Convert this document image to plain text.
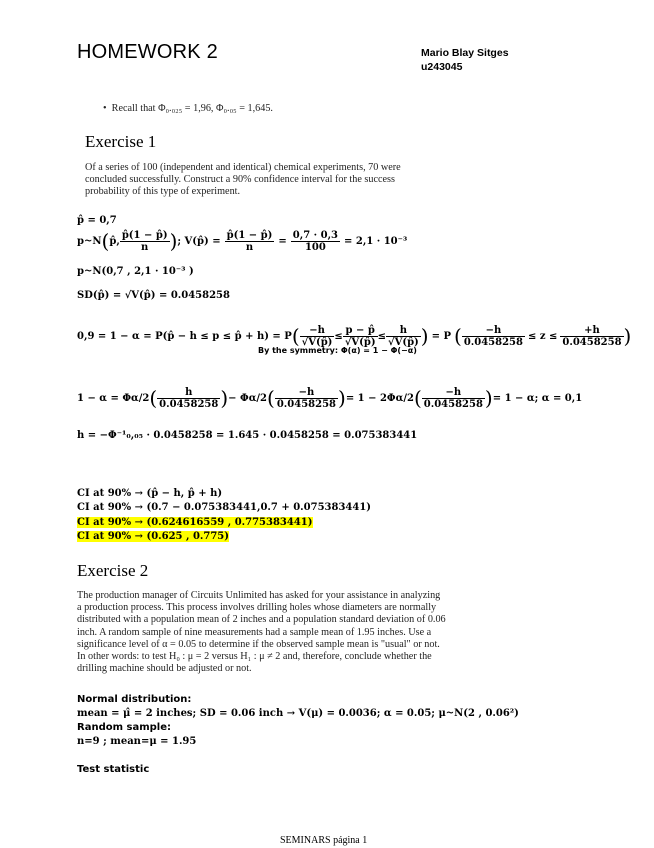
HOMEWORK 2	Mario Blay Sitges
u243045
•  Recall that Φ₀.₀₂₅ = 1,96, Φ₀.₀₅ = 1,645.
Exercise 1
Of a series of 100 (independent and identical) chemical experiments, 70 were concluded successfully. Construct a 90% confidence interval for the success probability of this type of experiment.
p̂ = 0,7
p~N ( p̂, $\frac{p̂(1 - p̂)}{n}$ ) ; V(p̂) = $\frac{p̂(1 - p̂)}{n} = \frac{0,7 \cdot 0,3}{100} = 2,1 \cdot 10^{-3}$
p~N(0,7 , 2,1 · 10⁻³ )
SD(p̂) = √V(p̂) = 0.0458258
0,9 = 1 − α = P(p̂ − h ≤ p ≤ p̂ + h) = P ( $\frac{-h}{√V(p̂)} \le \frac{p - p̂}{√V(p̂)} \le \frac{h}{√V(p̂)}$ ) = P ( $\frac{-h}{0.0458258} \le z \le \frac{+h}{0.0458258}$ )
By the symmetry: Φ(α) = 1 − Φ(−α)
1 − α = Φα/2 ( $\frac{h}{0.0458258}$ ) − Φα/2 ( $\frac{-h}{0.0458258}$ ) = 1 − 2Φα/2 ( $\frac{-h}{0.0458258}$ ) = 1 − α; α = 0,1
h = −Φ⁻¹₀,₀₅ · 0.0458258 = 1.645 · 0.0458258 = 0.075383441
CI at 90% → (p̂ − h, p̂ + h)
CI at 90% → (0.7 − 0.075383441,0.7 + 0.075383441)
CI at 90% → (0.624616559 , 0.775383441)
CI at 90% → (0.625 , 0.775)
Exercise 2
The production manager of Circuits Unlimited has asked for your assistance in analyzing a production process. This process involves drilling holes whose diameters are normally distributed with a population mean of 2 inches and a population standard deviation of 0.06 inch. A random sample of nine measurements had a sample mean of 1.95 inches. Use a significance level of α = 0.05 to determine if the observed sample mean is "usual" or not. In other words: to test H₀ : μ = 2 versus H₁ : μ ≠ 2 and, therefore, conclude whether the drilling machine should be adjusted or not.
Normal distribution:
mean = μ̂ = 2 inches; SD = 0.06 inch → V(μ) = 0.0036; α = 0.05; μ~N(2 , 0.06²)
Random sample:
n=9 ; mean=μ = 1.95
Test statistic
SEMINARS página 1
